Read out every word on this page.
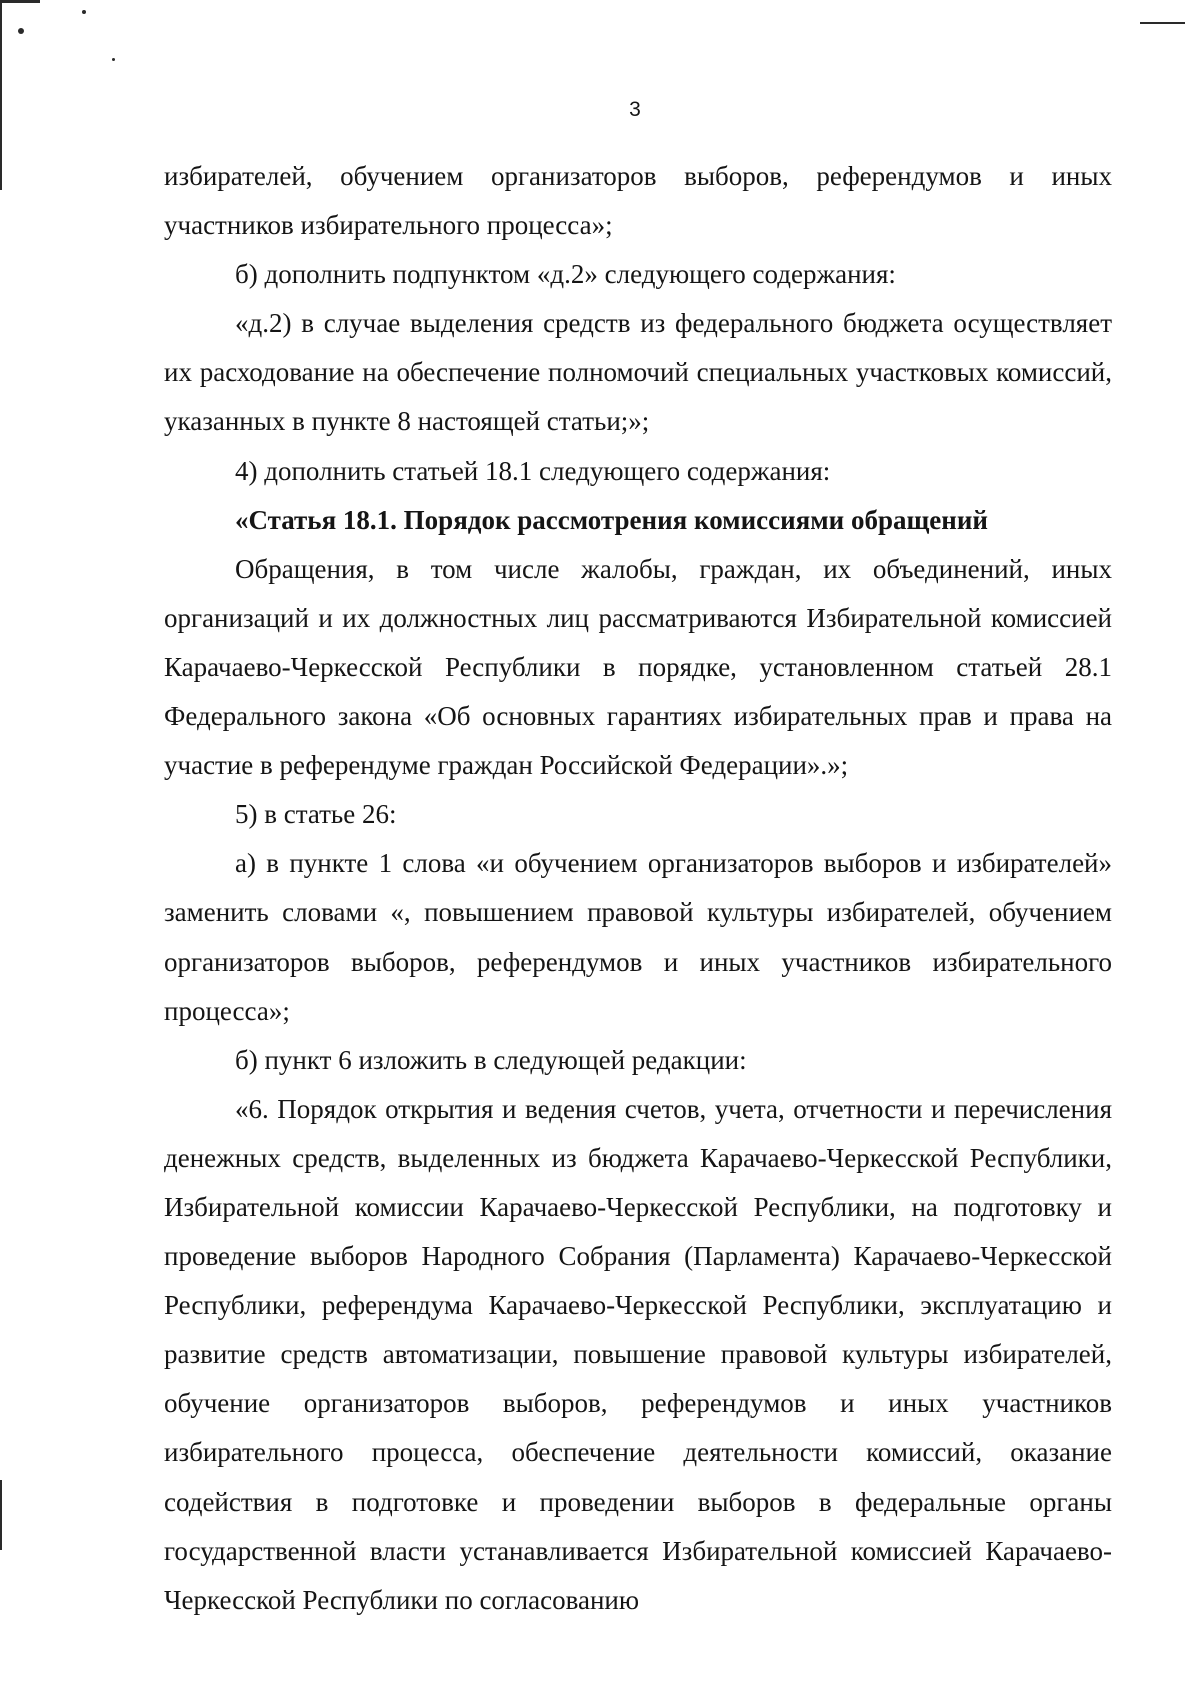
3

избирателей, обучением организаторов выборов, референдумов и иных участников избирательного процесса»;

б) дополнить подпунктом «д.2» следующего содержания:

«д.2) в случае выделения средств из федерального бюджета осуществляет их расходование на обеспечение полномочий специальных участковых комиссий, указанных в пункте 8 настоящей статьи;»;

4) дополнить статьей 18.1 следующего содержания:

«Статья 18.1. Порядок рассмотрения комиссиями обращений

Обращения, в том числе жалобы, граждан, их объединений, иных организаций и их должностных лиц рассматриваются Избирательной комиссией Карачаево-Черкесской Республики в порядке, установленном статьей 28.1 Федерального закона «Об основных гарантиях избирательных прав и права на участие в референдуме граждан Российской Федерации».»;

5) в статье 26:

а) в пункте 1 слова «и обучением организаторов выборов и избирателей» заменить словами «, повышением правовой культуры избирателей, обучением организаторов выборов, референдумов и иных участников избирательного процесса»;

б) пункт 6 изложить в следующей редакции:

«6. Порядок открытия и ведения счетов, учета, отчетности и перечисления денежных средств, выделенных из бюджета Карачаево-Черкесской Республики, Избирательной комиссии Карачаево-Черкесской Республики, на подготовку и проведение выборов Народного Собрания (Парламента) Карачаево-Черкесской Республики, референдума Карачаево-Черкесской Республики, эксплуатацию и развитие средств автоматизации, повышение правовой культуры избирателей, обучение организаторов выборов, референдумов и иных участников избирательного процесса, обеспечение деятельности комиссий, оказание содействия в подготовке и проведении выборов в федеральные органы государственной власти устанавливается Избирательной комиссией Карачаево-Черкесской Республики по согласованию
